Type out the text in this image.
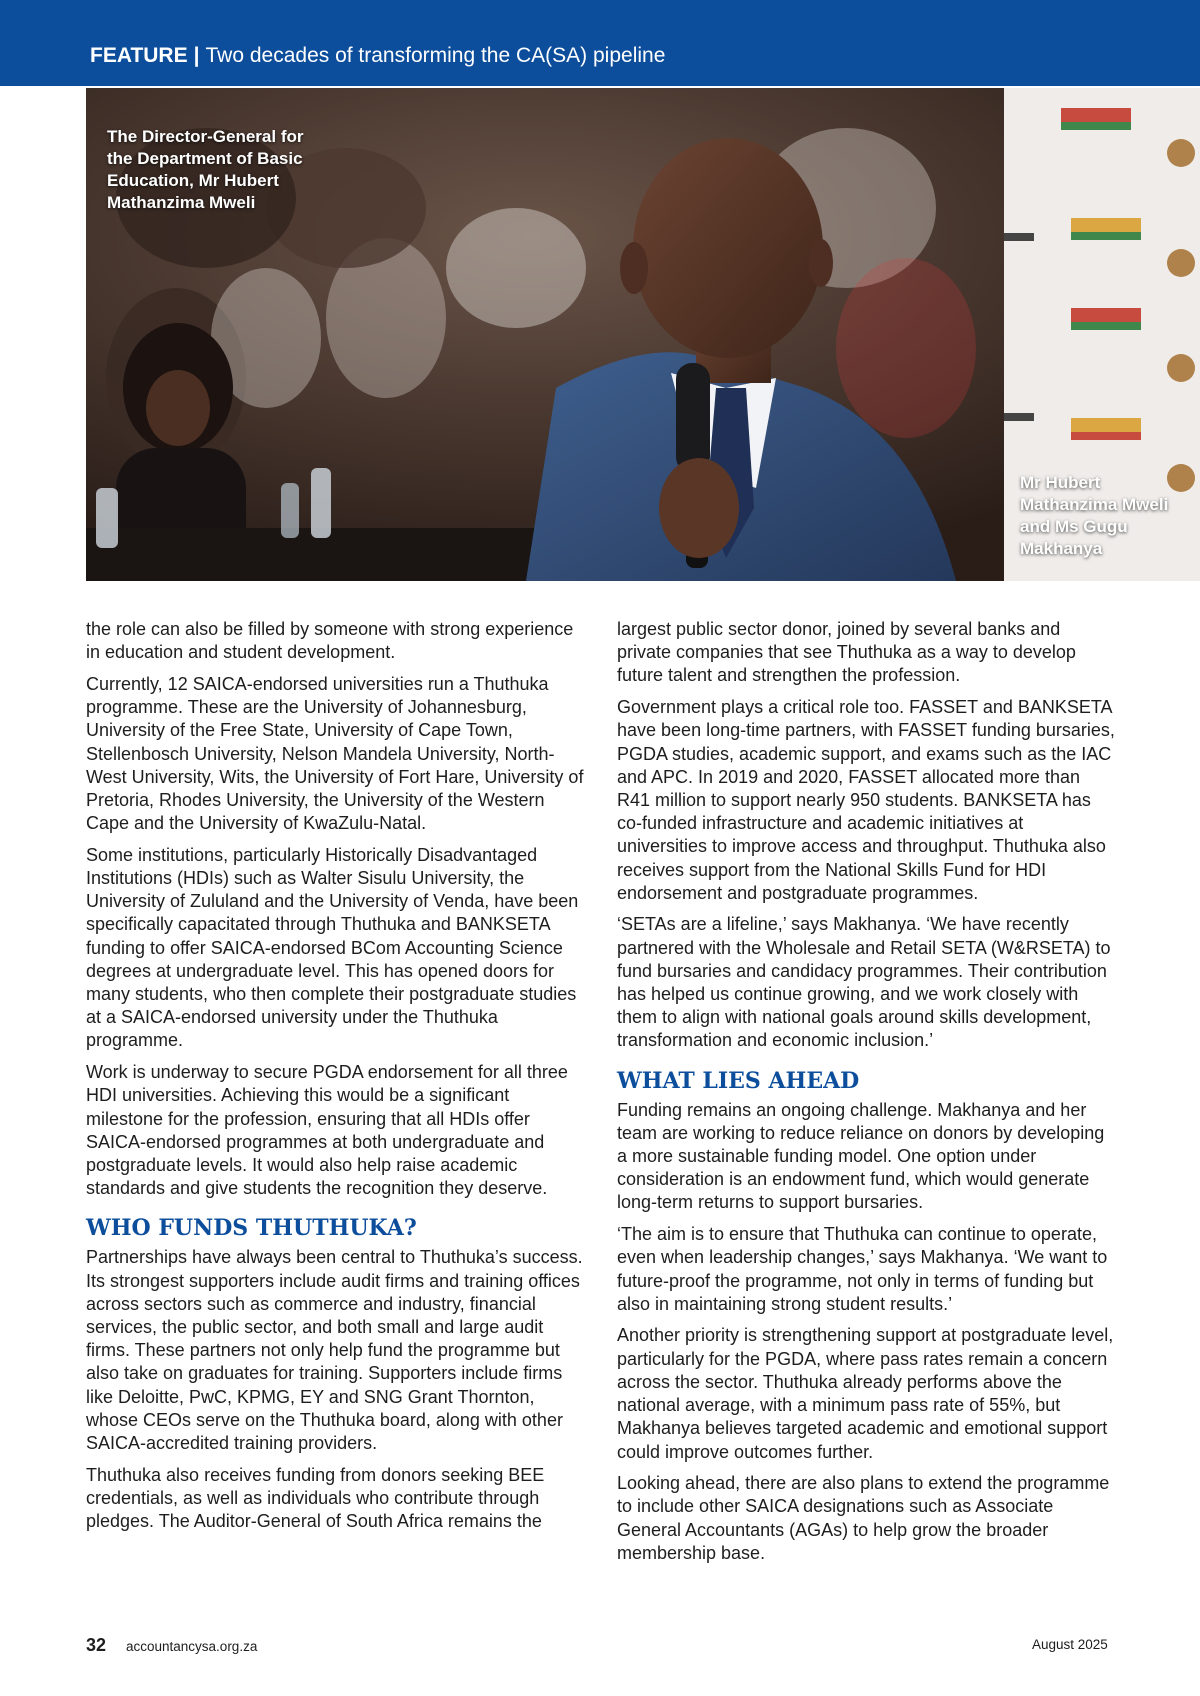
FEATURE | Two decades of transforming the CA(SA) pipeline
The Director-General for the Department of Basic Education, Mr Hubert Mathanzima Mweli
Mr Hubert Mathanzima Mweli and Ms Gugu Makhanya

the role can also be filled by someone with strong experience in education and student development.

Currently, 12 SAICA-endorsed universities run a Thuthuka programme. These are the University of Johannesburg, University of the Free State, University of Cape Town, Stellenbosch University, Nelson Mandela University, North-West University, Wits, the University of Fort Hare, University of Pretoria, Rhodes University, the University of the Western Cape and the University of KwaZulu-Natal.

Some institutions, particularly Historically Disadvantaged Institutions (HDIs) such as Walter Sisulu University, the University of Zululand and the University of Venda, have been specifically capacitated through Thuthuka and BANKSETA funding to offer SAICA-endorsed BCom Accounting Science degrees at undergraduate level. This has opened doors for many students, who then complete their postgraduate studies at a SAICA-endorsed university under the Thuthuka programme.

Work is underway to secure PGDA endorsement for all three HDI universities. Achieving this would be a significant milestone for the profession, ensuring that all HDIs offer SAICA-endorsed programmes at both undergraduate and postgraduate levels. It would also help raise academic standards and give students the recognition they deserve.

WHO FUNDS THUTHUKA?

Partnerships have always been central to Thuthuka’s success. Its strongest supporters include audit firms and training offices across sectors such as commerce and industry, financial services, the public sector, and both small and large audit firms. These partners not only help fund the programme but also take on graduates for training. Supporters include firms like Deloitte, PwC, KPMG, EY and SNG Grant Thornton, whose CEOs serve on the Thuthuka board, along with other SAICA-accredited training providers.

Thuthuka also receives funding from donors seeking BEE credentials, as well as individuals who contribute through pledges. The Auditor-General of South Africa remains the

largest public sector donor, joined by several banks and private companies that see Thuthuka as a way to develop future talent and strengthen the profession.

Government plays a critical role too. FASSET and BANKSETA have been long-time partners, with FASSET funding bursaries, PGDA studies, academic support, and exams such as the IAC and APC. In 2019 and 2020, FASSET allocated more than R41 million to support nearly 950 students. BANKSETA has co-funded infrastructure and academic initiatives at universities to improve access and throughput. Thuthuka also receives support from the National Skills Fund for HDI endorsement and postgraduate programmes.

‘SETAs are a lifeline,’ says Makhanya. ‘We have recently partnered with the Wholesale and Retail SETA (W&RSETA) to fund bursaries and candidacy programmes. Their contribution has helped us continue growing, and we work closely with them to align with national goals around skills development, transformation and economic inclusion.’

WHAT LIES AHEAD

Funding remains an ongoing challenge. Makhanya and her team are working to reduce reliance on donors by developing a more sustainable funding model. One option under consideration is an endowment fund, which would generate long-term returns to support bursaries.

‘The aim is to ensure that Thuthuka can continue to operate, even when leadership changes,’ says Makhanya. ‘We want to future-proof the programme, not only in terms of funding but also in maintaining strong student results.’

Another priority is strengthening support at postgraduate level, particularly for the PGDA, where pass rates remain a concern across the sector. Thuthuka already performs above the national average, with a minimum pass rate of 55%, but Makhanya believes targeted academic and emotional support could improve outcomes further.

Looking ahead, there are also plans to extend the programme to include other SAICA designations such as Associate General Accountants (AGAs) to help grow the broader membership base.

32 accountancysa.org.za	August 2025
